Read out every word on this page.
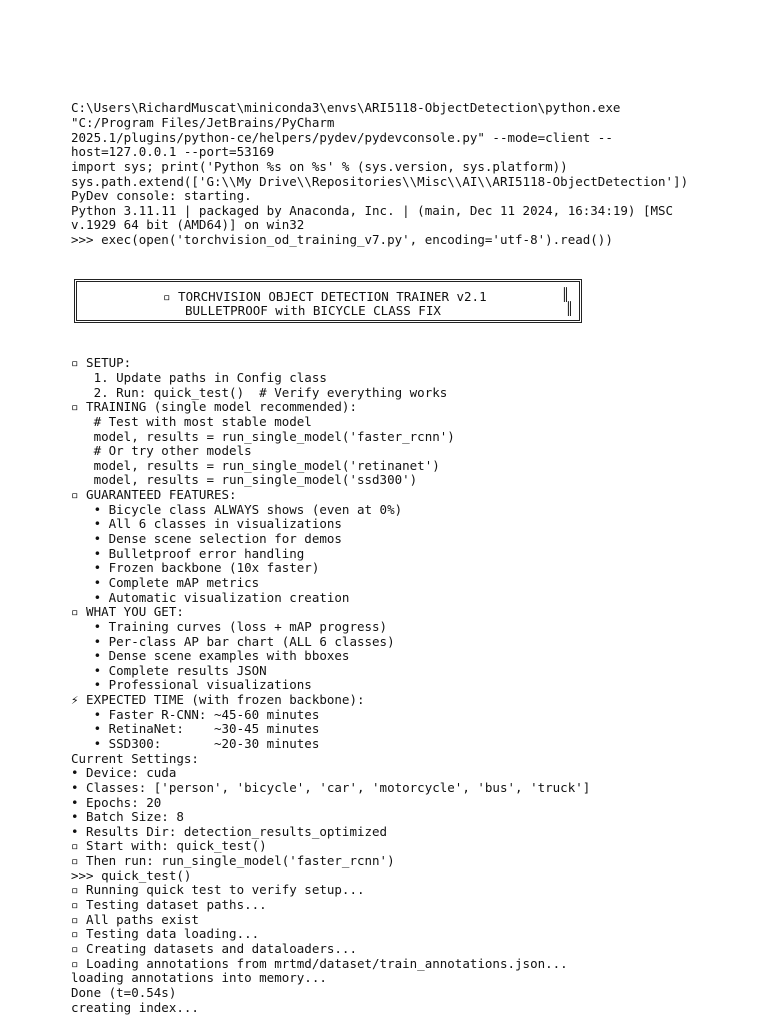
C:\Users\RichardMuscat\miniconda3\envs\ARI5118-ObjectDetection\python.exe
"C:/Program Files/JetBrains/PyCharm
2025.1/plugins/python-ce/helpers/pydev/pydevconsole.py" --mode=client --
host=127.0.0.1 --port=53169
import sys; print('Python %s on %s' % (sys.version, sys.platform))
sys.path.extend(['G:\\My Drive\\Repositories\\Misc\\AI\\ARI5118-ObjectDetection'])
PyDev console: starting.
Python 3.11.11 | packaged by Anaconda, Inc. | (main, Dec 11 2024, 16:34:19) [MSC
v.1929 64 bit (AMD64)] on win32
>>> exec(open('torchvision_od_training_v7.py', encoding='utf-8').read())

▫ TORCHVISION OBJECT DETECTION TRAINER v2.1

	║

BULLETPROOF with BICYCLE CLASS FIX

	║

▫ SETUP:
1. Update paths in Config class
2. Run: quick_test()  # Verify everything works
▫ TRAINING (single model recommended):
# Test with most stable model
model, results = run_single_model('faster_rcnn')
# Or try other models
model, results = run_single_model('retinanet')
model, results = run_single_model('ssd300')
▫ GUARANTEED FEATURES:
• Bicycle class ALWAYS shows (even at 0%)
• All 6 classes in visualizations
• Dense scene selection for demos
• Bulletproof error handling
• Frozen backbone (10x faster)
• Complete mAP metrics
• Automatic visualization creation
▫ WHAT YOU GET:
• Training curves (loss + mAP progress)
• Per-class AP bar chart (ALL 6 classes)
• Dense scene examples with bboxes
• Complete results JSON
• Professional visualizations
⚡ EXPECTED TIME (with frozen backbone):
• Faster R-CNN: ~45-60 minutes
• RetinaNet:    ~30-45 minutes
• SSD300:       ~20-30 minutes
Current Settings:
• Device: cuda
• Classes: ['person', 'bicycle', 'car', 'motorcycle', 'bus', 'truck']
• Epochs: 20
• Batch Size: 8
• Results Dir: detection_results_optimized
▫ Start with: quick_test()
▫ Then run: run_single_model('faster_rcnn')
>>> quick_test()
▫ Running quick test to verify setup...
▫ Testing dataset paths...
▫ All paths exist
▫ Testing data loading...
▫ Creating datasets and dataloaders...
▫ Loading annotations from mrtmd/dataset/train_annotations.json...
loading annotations into memory...
Done (t=0.54s)
creating index...
